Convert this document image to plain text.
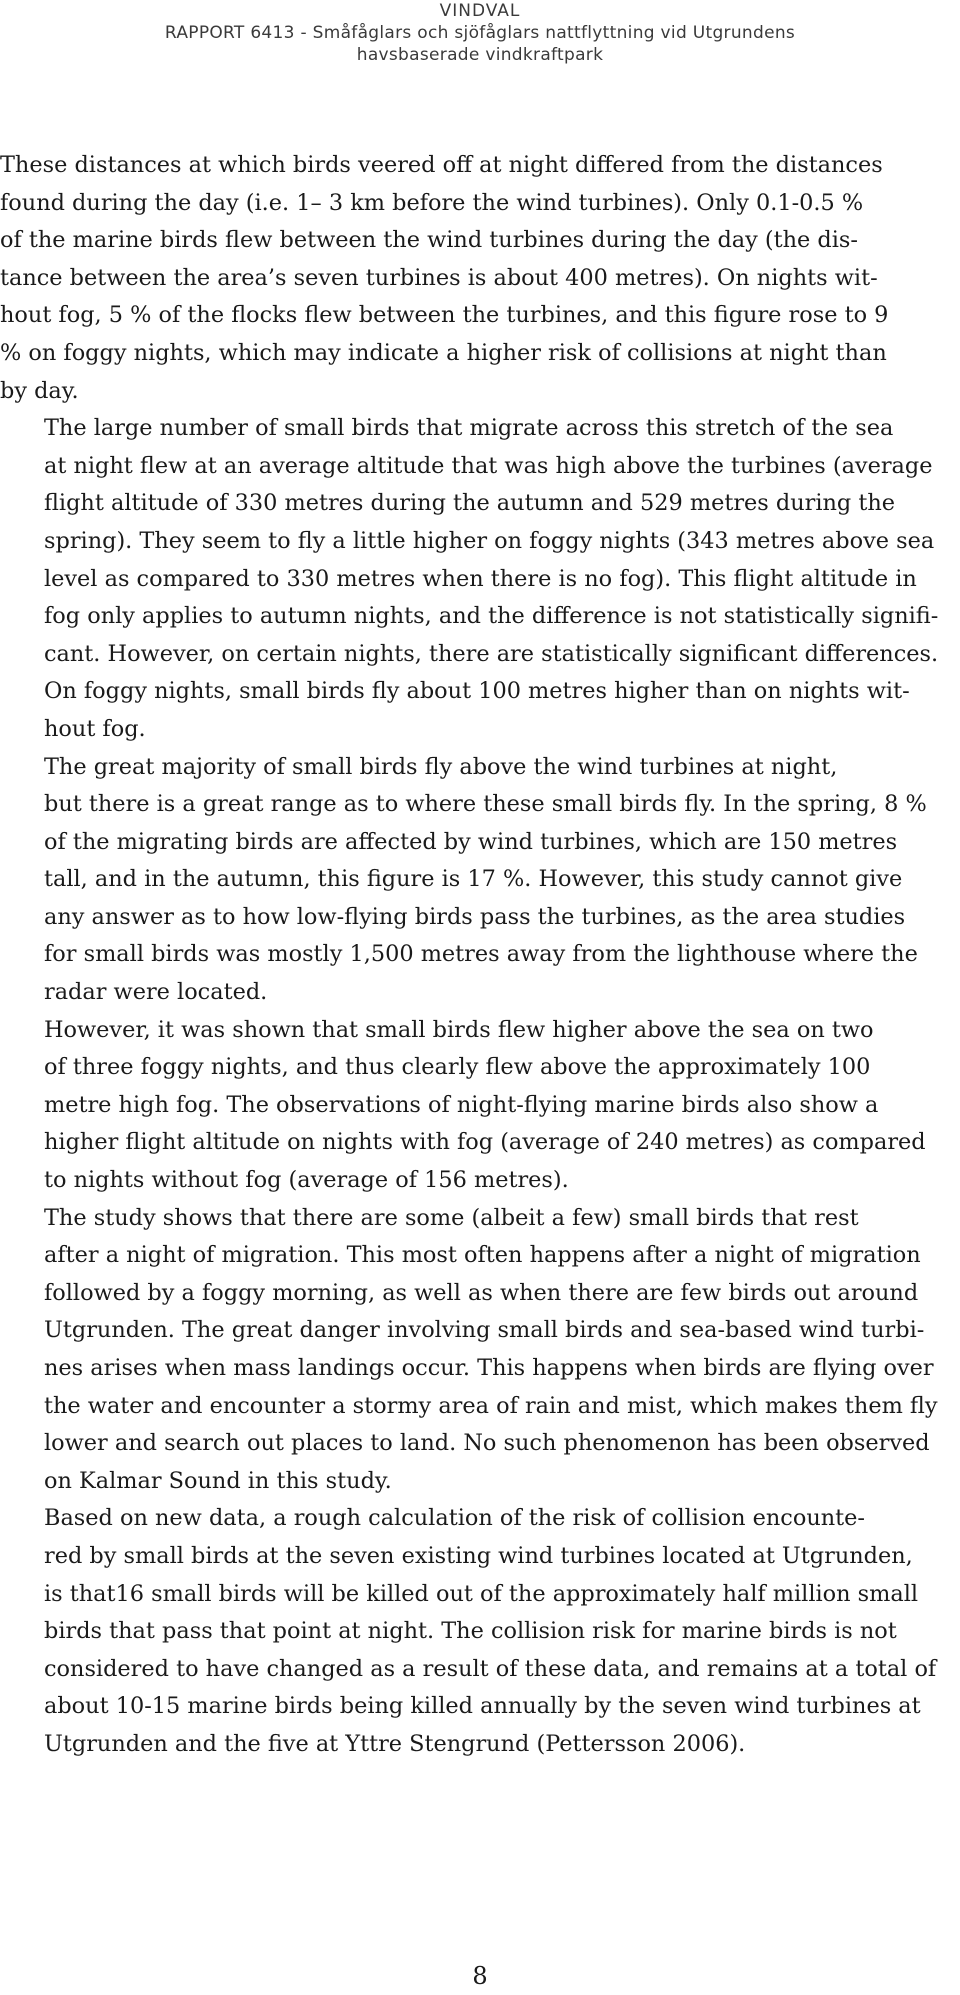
VINDVAL
RAPPORT 6413 - Småfåglars och sjöfåglars nattflyttning vid Utgrundens
havsbaserade vindkraftpark

These distances at which birds veered off at night differed from the distances
found during the day (i.e. 1– 3 km before the wind turbines). Only 0.1-0.5 %
of the marine birds flew between the wind turbines during the day (the dis-
tance between the area’s seven turbines is about 400 metres). On nights wit-
hout fog, 5 % of the flocks flew between the turbines, and this figure rose to 9
% on foggy nights, which may indicate a higher risk of collisions at night than
by day.

The large number of small birds that migrate across this stretch of the sea
at night flew at an average altitude that was high above the turbines (average
flight altitude of 330 metres during the autumn and 529 metres during the
spring). They seem to fly a little higher on foggy nights (343 metres above sea
level as compared to 330 metres when there is no fog). This flight altitude in
fog only applies to autumn nights, and the difference is not statistically signifi-
cant. However, on certain nights, there are statistically significant differences.
On foggy nights, small birds fly about 100 metres higher than on nights wit-
hout fog.

The great majority of small birds fly above the wind turbines at night,
but there is a great range as to where these small birds fly. In the spring, 8 %
of the migrating birds are affected by wind turbines, which are 150 metres
tall, and in the autumn, this figure is 17 %. However, this study cannot give
any answer as to how low-flying birds pass the turbines, as the area studies
for small birds was mostly 1,500 metres away from the lighthouse where the
radar were located.

However, it was shown that small birds flew higher above the sea on two
of three foggy nights, and thus clearly flew above the approximately 100
metre high fog. The observations of night-flying marine birds also show a
higher flight altitude on nights with fog (average of 240 metres) as compared
to nights without fog (average of 156 metres).

The study shows that there are some (albeit a few) small birds that rest
after a night of migration. This most often happens after a night of migration
followed by a foggy morning, as well as when there are few birds out around
Utgrunden. The great danger involving small birds and sea-based wind turbi-
nes arises when mass landings occur. This happens when birds are flying over
the water and encounter a stormy area of rain and mist, which makes them fly
lower and search out places to land. No such phenomenon has been observed
on Kalmar Sound in this study.

Based on new data, a rough calculation of the risk of collision encounte-
red by small birds at the seven existing wind turbines located at Utgrunden,
is that16 small birds will be killed out of the approximately half million small
birds that pass that point at night. The collision risk for marine birds is not
considered to have changed as a result of these data, and remains at a total of
about 10-15 marine birds being killed annually by the seven wind turbines at
Utgrunden and the five at Yttre Stengrund (Pettersson 2006).

8
